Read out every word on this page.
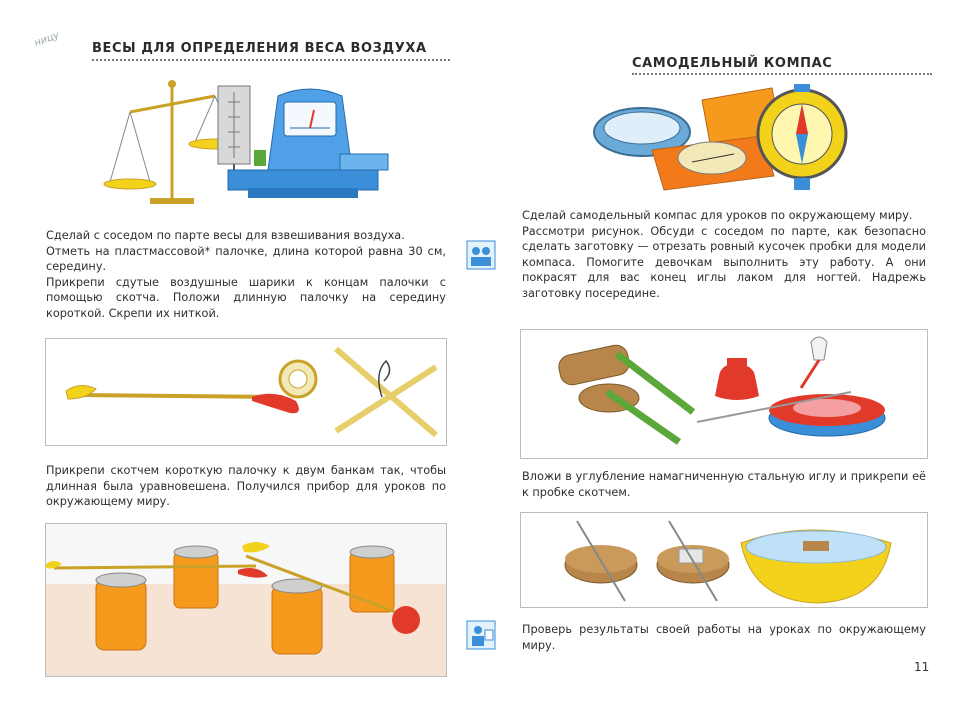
ницу ВЕСЫ ДЛЯ ОПРЕДЕЛЕНИЯ ВЕСА ВОЗДУХА

Сделай с соседом по парте весы для взвешивания воздуха.

Отметь на пластмассовой* палочке, длина которой равна 30 см, середину.

Прикрепи сдутые воздушные шарики к концам палочки с помощью скотча. Положи длинную палочку на середину короткой. Скрепи их ниткой.

Прикрепи скотчем короткую палочку к двум банкам так, чтобы длинная была уравновешена. Получился прибор для уроков по окружающему миру.

САМОДЕЛЬНЫЙ КОМПАС

Сделай самодельный компас для уроков по окружающему миру.

Рассмотри рисунок. Обсуди с соседом по парте, как безопасно сделать заготовку — отрезать ровный кусочек пробки для модели компаса. Помогите девочкам выполнить эту работу. А они покрасят для вас конец иглы лаком для ногтей. Надрежь заготовку посередине.

Вложи в углубление намагниченную стальную иглу и прикрепи её к пробке скотчем.

Проверь результаты своей работы на уроках по окружающему миру.

11
